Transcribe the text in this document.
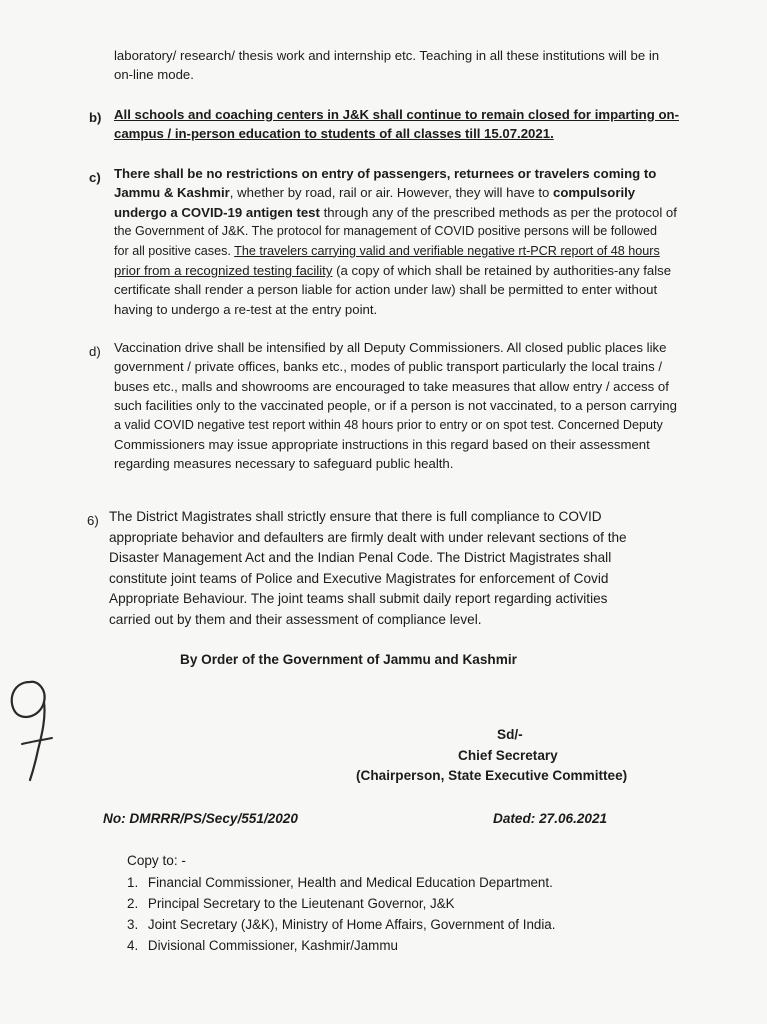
laboratory/ research/ thesis work and internship etc. Teaching in all these institutions will be in
on-line mode.
b) All schools and coaching centers in J&K shall continue to remain closed for imparting on-
campus / in-person education to students of all classes till 15.07.2021.
c) There shall be no restrictions on entry of passengers, returnees or travelers coming to
Jammu & Kashmir, whether by road, rail or air. However, they will have to compulsorily
undergo a COVID-19 antigen test through any of the prescribed methods as per the protocol of
the Government of J&K. The protocol for management of COVID positive persons will be followed
for all positive cases. The travelers carrying valid and verifiable negative rt-PCR report of 48 hours
prior from a recognized testing facility (a copy of which shall be retained by authorities-any false
certificate shall render a person liable for action under law) shall be permitted to enter without
having to undergo a re-test at the entry point.
d) Vaccination drive shall be intensified by all Deputy Commissioners. All closed public places like
government / private offices, banks etc., modes of public transport particularly the local trains /
buses etc., malls and showrooms are encouraged to take measures that allow entry / access of
such facilities only to the vaccinated people, or if a person is not vaccinated, to a person carrying
a valid COVID negative test report within 48 hours prior to entry or on spot test. Concerned Deputy
Commissioners may issue appropriate instructions in this regard based on their assessment
regarding measures necessary to safeguard public health.
6) The District Magistrates shall strictly ensure that there is full compliance to COVID
appropriate behavior and defaulters are firmly dealt with under relevant sections of the
Disaster Management Act and the Indian Penal Code. The District Magistrates shall
constitute joint teams of Police and Executive Magistrates for enforcement of Covid
Appropriate Behaviour. The joint teams shall submit daily report regarding activities
carried out by them and their assessment of compliance level.
By Order of the Government of Jammu and Kashmir
Sd/-
Chief Secretary
(Chairperson, State Executive Committee)
No: DMRRR/PS/Secy/551/2020	Dated: 27.06.2021
Copy to: -
1. Financial Commissioner, Health and Medical Education Department.
2. Principal Secretary to the Lieutenant Governor, J&K
3. Joint Secretary (J&K), Ministry of Home Affairs, Government of India.
4. Divisional Commissioner, Kashmir/Jammu
